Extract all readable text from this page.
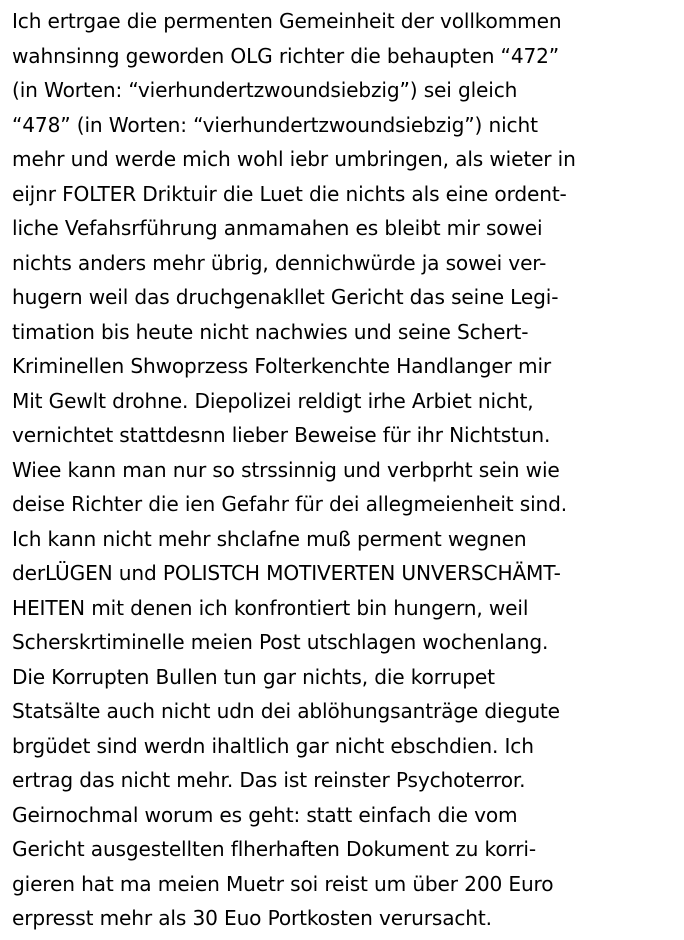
Ich ertrgae die permenten Gemeinheit der vollkommen
wahnsinng geworden OLG richter die behaupten “472”
(in Worten: “vierhundertzwoundsiebzig”) sei gleich
“478” (in Worten: “vierhundertzwoundsiebzig”) nicht
mehr und werde mich wohl iebr umbringen, als wieter in
eijnr FOLTER Driktuir die Luet die nichts als eine ordent-
liche Vefahsrführung anmamahen es bleibt mir sowei
nichts anders mehr übrig, dennichwürde ja sowei ver-
hugern weil das druchgenakllet Gericht das seine Legi-
timation bis heute nicht nachwies und seine Schert-
Kriminellen Shwoprzess Folterkenchte Handlanger mir
Mit Gewlt drohne. Diepolizei reldigt irhe Arbiet nicht,
vernichtet stattdesnn lieber Beweise für ihr Nichtstun.
Wiee kann man nur so strssinnig und verbprht sein wie
deise Richter die ien Gefahr für dei allegmeienheit sind.
Ich kann nicht mehr shclafne muß perment wegnen
derLÜGEN und POLISTCH MOTIVERTEN UNVERSCHÄMT-
HEITEN mit denen ich konfrontiert bin hungern, weil
Scherskrtiminelle meien Post utschlagen wochenlang.
Die Korrupten Bullen tun gar nichts, die korrupet
Statsälte auch nicht udn dei ablöhungsanträge diegute
brgüdet sind werdn ihaltlich gar nicht ebschdien. Ich
ertrag das nicht mehr. Das ist reinster Psychoterror.
Geirnochmal worum es geht: statt einfach die vom
Gericht ausgestellten flherhaften Dokument zu korri-
gieren hat ma meien Muetr soi reist um über 200 Euro
erpresst mehr als 30 Euo Portkosten verursacht.
